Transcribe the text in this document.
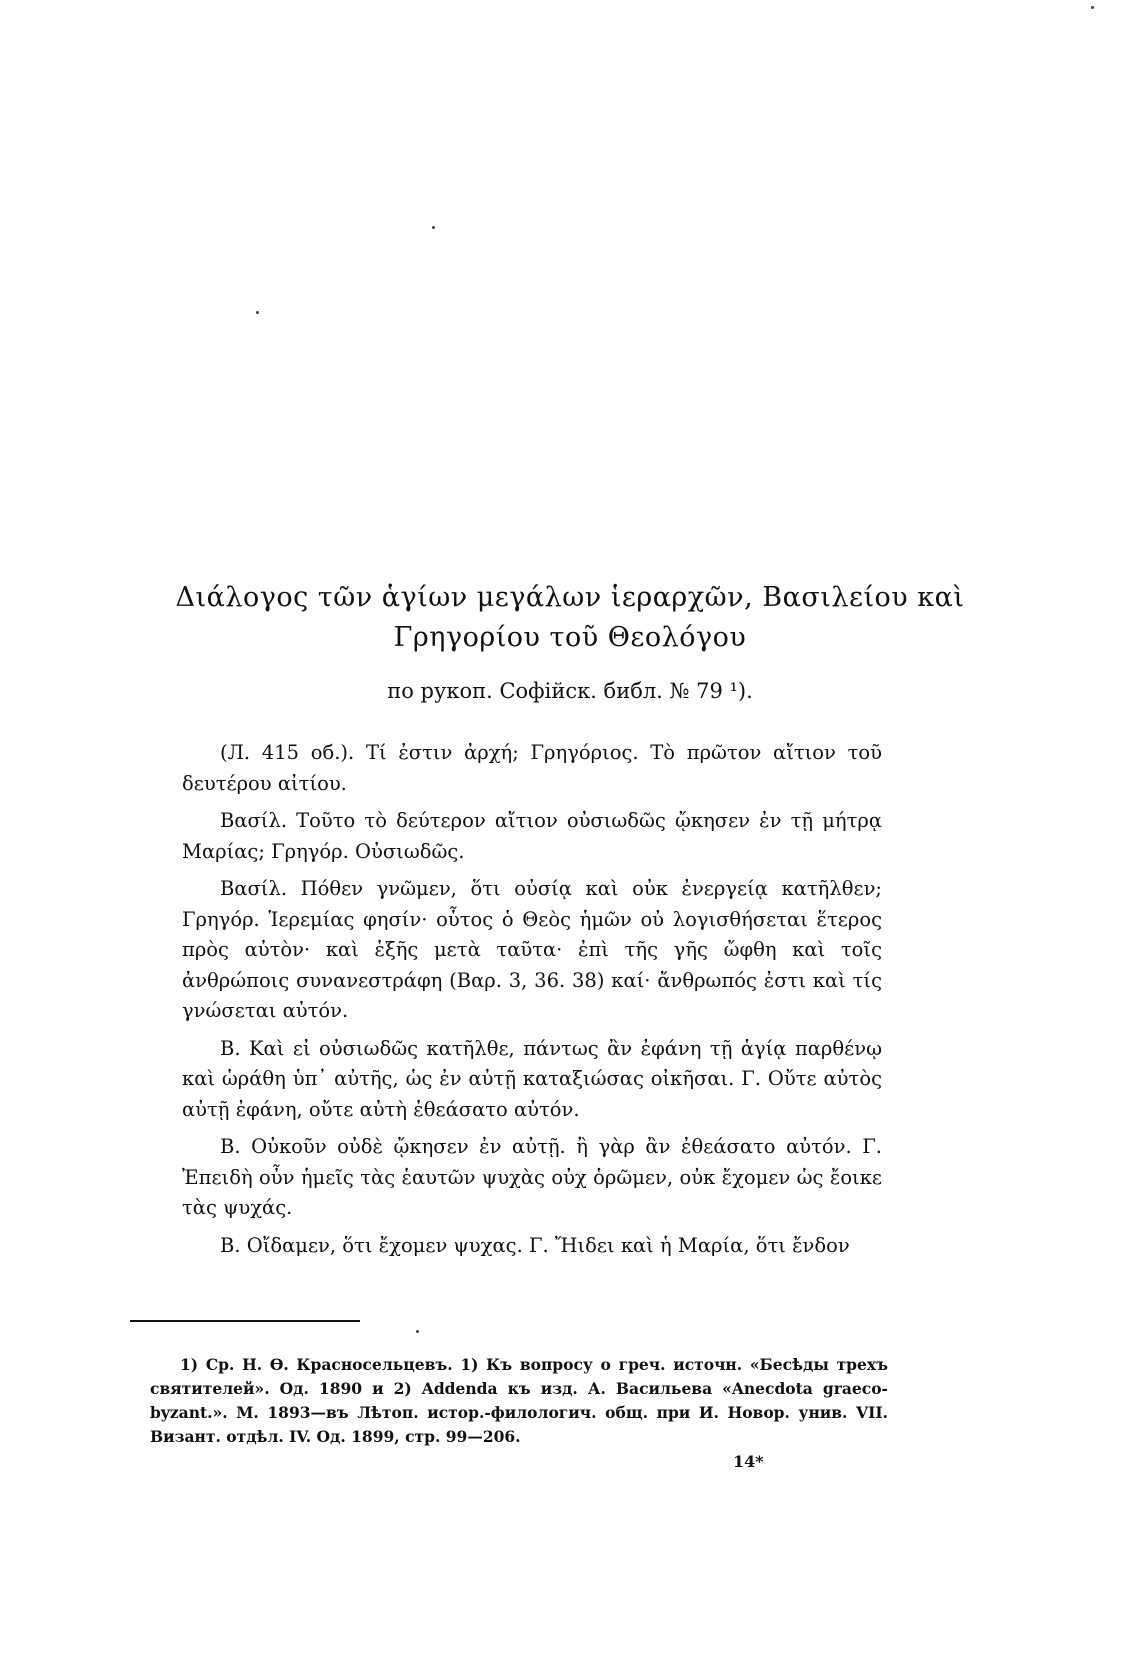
Διάλογος τῶν ἁγίων μεγάλων ἱεραρχῶν, Βασιλείου καὶ
Γρηγορίου τοῦ Θεολόγου
по рукоп. Софійск. библ. № 79 ¹).

(Л. 415 об.). Τί ἐστιν ἀρχή; Γρηγόριος. Τὸ πρῶτον αἴτιον τοῦ δευτέρου αἰτίου.

Βασίλ. Τοῦτο τὸ δεύτερον αἴτιον οὐσιωδῶς ᾤκησεν ἐν τῇ μήτρᾳ Μαρίας; Γρηγόρ. Οὐσιωδῶς.

Βασίλ. Πόθεν γνῶμεν, ὅτι οὐσίᾳ καὶ οὐκ ἐνεργείᾳ κατῆλθεν; Γρηγόρ. Ἱερεμίας φησίν· οὗτος ὁ Θεὸς ἡμῶν οὐ λογισθήσεται ἕτερος πρὸς αὐτὸν· καὶ ἑξῆς μετὰ ταῦτα· ἐπὶ τῆς γῆς ὤφθη καὶ τοῖς ἀνθρώποις συνανεστράφη (Βαρ. 3, 36. 38) καί· ἄνθρωπός ἐστι καὶ τίς γνώσεται αὐτόν.

Β. Καὶ εἰ οὐσιωδῶς κατῆλθε, πάντως ἂν ἐφάνη τῇ ἁγίᾳ παρθένῳ καὶ ὡράθη ὑπ᾽ αὐτῆς, ὡς ἐν αὐτῇ καταξιώσας οἰκῆσαι. Γ. Οὔτε αὐτὸς αὐτῇ ἐφάνη, οὔτε αὐτὴ ἐθεάσατο αὐτόν.

Β. Οὐκοῦν οὐδὲ ᾤκησεν ἐν αὐτῇ. ἢ γὰρ ἂν ἐθεάσατο αὐτόν. Γ. Ἐπειδὴ οὖν ἡμεῖς τὰς ἑαυτῶν ψυχὰς οὐχ ὁρῶμεν, οὐκ ἔχομεν ὡς ἔοικε τὰς ψυχάς.

Β. Οἴδαμεν, ὅτι ἔχομεν ψυχας. Γ. Ἤιδει καὶ ἡ Μαρία, ὅτι ἔνδον

1) Ср. Н. Ѳ. Красносельцевъ. 1) Къ вопросу о греч. источн. «Бесѣды трехъ святителей». Од. 1890 и 2) Addenda къ изд. А. Васильева «Anecdota graeco-byzant.». М. 1893—въ Лѣтоп. истор.-филологич. общ. при И. Новор. унив. VII. Визант. отдѣл. IV. Од. 1899, стр. 99—206.
14*
